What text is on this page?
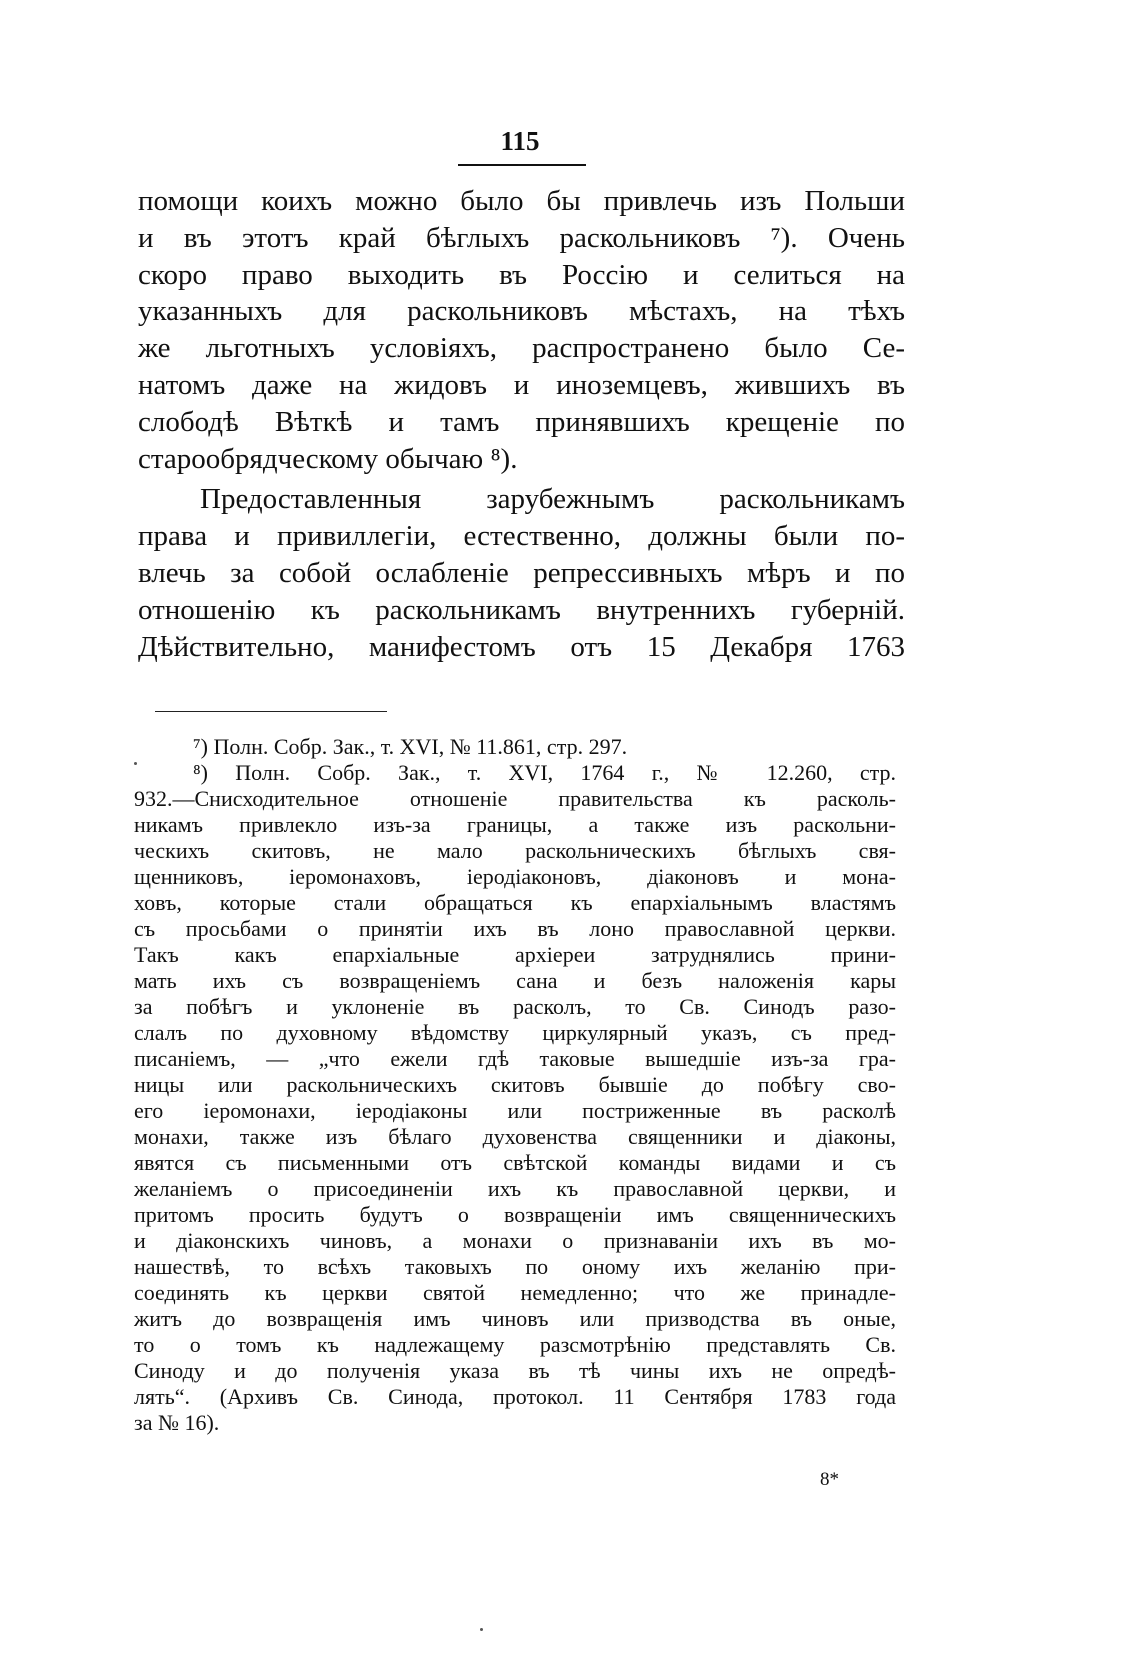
115
помощи коихъ можно было бы привлечь изъ Польши
и въ этотъ край бѣглыхъ раскольниковъ ⁷). Очень
скоро право выходить въ Россію и селиться на
указанныхъ для раскольниковъ мѣстахъ, на тѣхъ
же льготныхъ условіяхъ, распространено было Се-
натомъ даже на жидовъ и иноземцевъ, жившихъ въ
слободѣ Вѣткѣ и тамъ принявшихъ крещеніе по
старообрядческому обычаю ⁸).
Предоставленныя зарубежнымъ раскольникамъ
права и привиллегіи, естественно, должны были по-
влечь за собой ослабленіе репрессивныхъ мѣръ и по
отношенію къ раскольникамъ внутреннихъ губерній.
Дѣйствительно, манифестомъ отъ 15 Декабря 1763
⁷) Полн. Собр. Зак., т. XVI, № 11.861, стр. 297.
⁸) Полн. Собр. Зак., т. XVI, 1764 г., № 12.260, стр.
932.—Снисходительное отношеніе правительства къ расколь-
никамъ привлекло изъ-за границы, а также изъ раскольни-
ческихъ скитовъ, не мало раскольническихъ бѣглыхъ свя-
щенниковъ, іеромонаховъ, іеродіаконовъ, діаконовъ и мона-
ховъ, которые стали обращаться къ епархіальнымъ властямъ
съ просьбами о принятіи ихъ въ лоно православной церкви.
Такъ какъ епархіальные архіереи затруднялись прини-
мать ихъ съ возвращеніемъ сана и безъ наложенія кары
за побѣгъ и уклоненіе въ расколъ, то Св. Синодъ разо-
слалъ по духовному вѣдомству циркулярный указъ, съ пред-
писаніемъ, — „что ежели гдѣ таковые вышедшіе изъ-за гра-
ницы или раскольническихъ скитовъ бывшіе до побѣгу сво-
его іеромонахи, іеродіаконы или постриженные въ расколѣ
монахи, также изъ бѣлаго духовенства священники и діаконы,
явятся съ письменными отъ свѣтской команды видами и съ
желаніемъ о присоединеніи ихъ къ православной церкви, и
притомъ просить будутъ о возвращеніи имъ священническихъ
и діаконскихъ чиновъ, а монахи о признаваніи ихъ въ мо-
нашествѣ, то всѣхъ таковыхъ по оному ихъ желанію при-
соединять къ церкви святой немедленно; что же принадле-
житъ до возвращенія имъ чиновъ или призводства въ оные,
то о томъ къ надлежащему разсмотрѣнію представлять Св.
Синоду и до полученія указа въ тѣ чины ихъ не опредѣ-
лять“. (Архивъ Св. Синода, протокол. 11 Сентября 1783 года
за № 16).
8*
